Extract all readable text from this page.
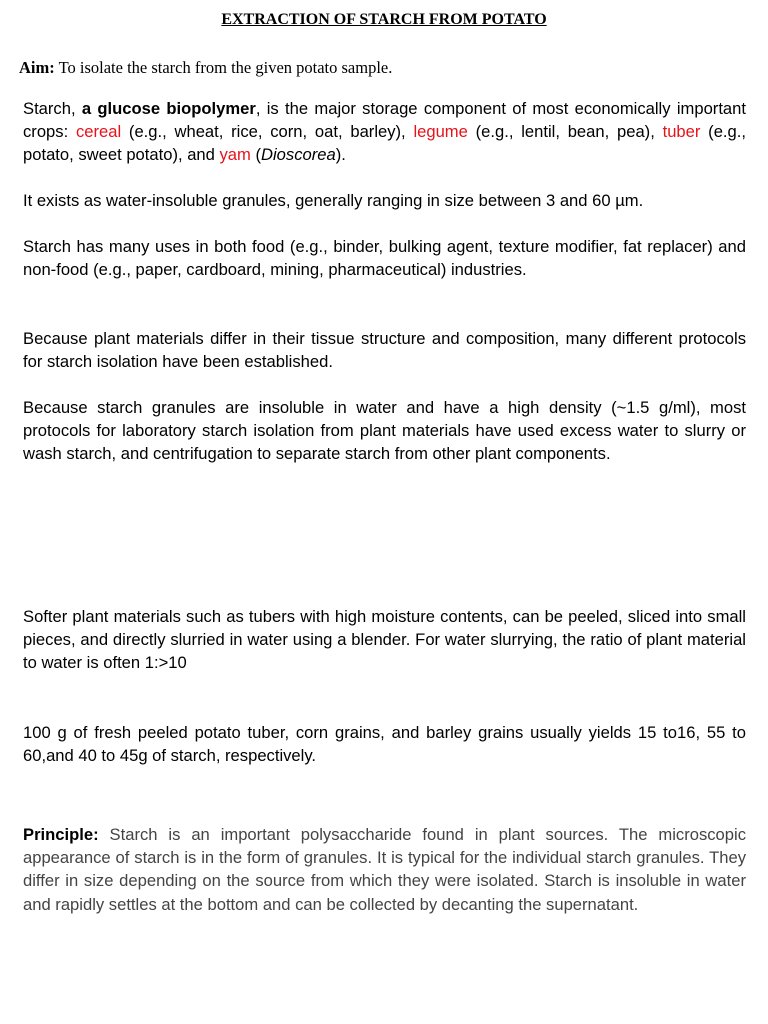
EXTRACTION OF STARCH FROM POTATO
Aim: To isolate the starch from the given potato sample.
Starch, a glucose biopolymer, is the major storage component of most economically important crops: cereal (e.g., wheat, rice, corn, oat, barley), legume (e.g., lentil, bean, pea), tuber (e.g., potato, sweet potato), and yam (Dioscorea).
It exists as water-insoluble granules, generally ranging in size between 3 and 60 µm.
Starch has many uses in both food (e.g., binder, bulking agent, texture modifier, fat replacer) and non-food (e.g., paper, cardboard, mining, pharmaceutical) industries.
Because plant materials differ in their tissue structure and composition, many different protocols for starch isolation have been established.
Because starch granules are insoluble in water and have a high density (~1.5 g/ml), most protocols for laboratory starch isolation from plant materials have used excess water to slurry or wash starch, and centrifugation to separate starch from other plant components.
Softer plant materials such as tubers with high moisture contents, can be peeled, sliced into small pieces, and directly slurried in water using a blender. For water slurrying, the ratio of plant material to water is often 1:>10
100 g of fresh peeled potato tuber, corn grains, and barley grains usually yields 15 to16, 55 to 60,and 40 to 45g of starch, respectively.
Principle: Starch is an important polysaccharide found in plant sources. The microscopic appearance of starch is in the form of granules. It is typical for the individual starch granules. They differ in size depending on the source from which they were isolated. Starch is insoluble in water and rapidly settles at the bottom and can be collected by decanting the supernatant.
